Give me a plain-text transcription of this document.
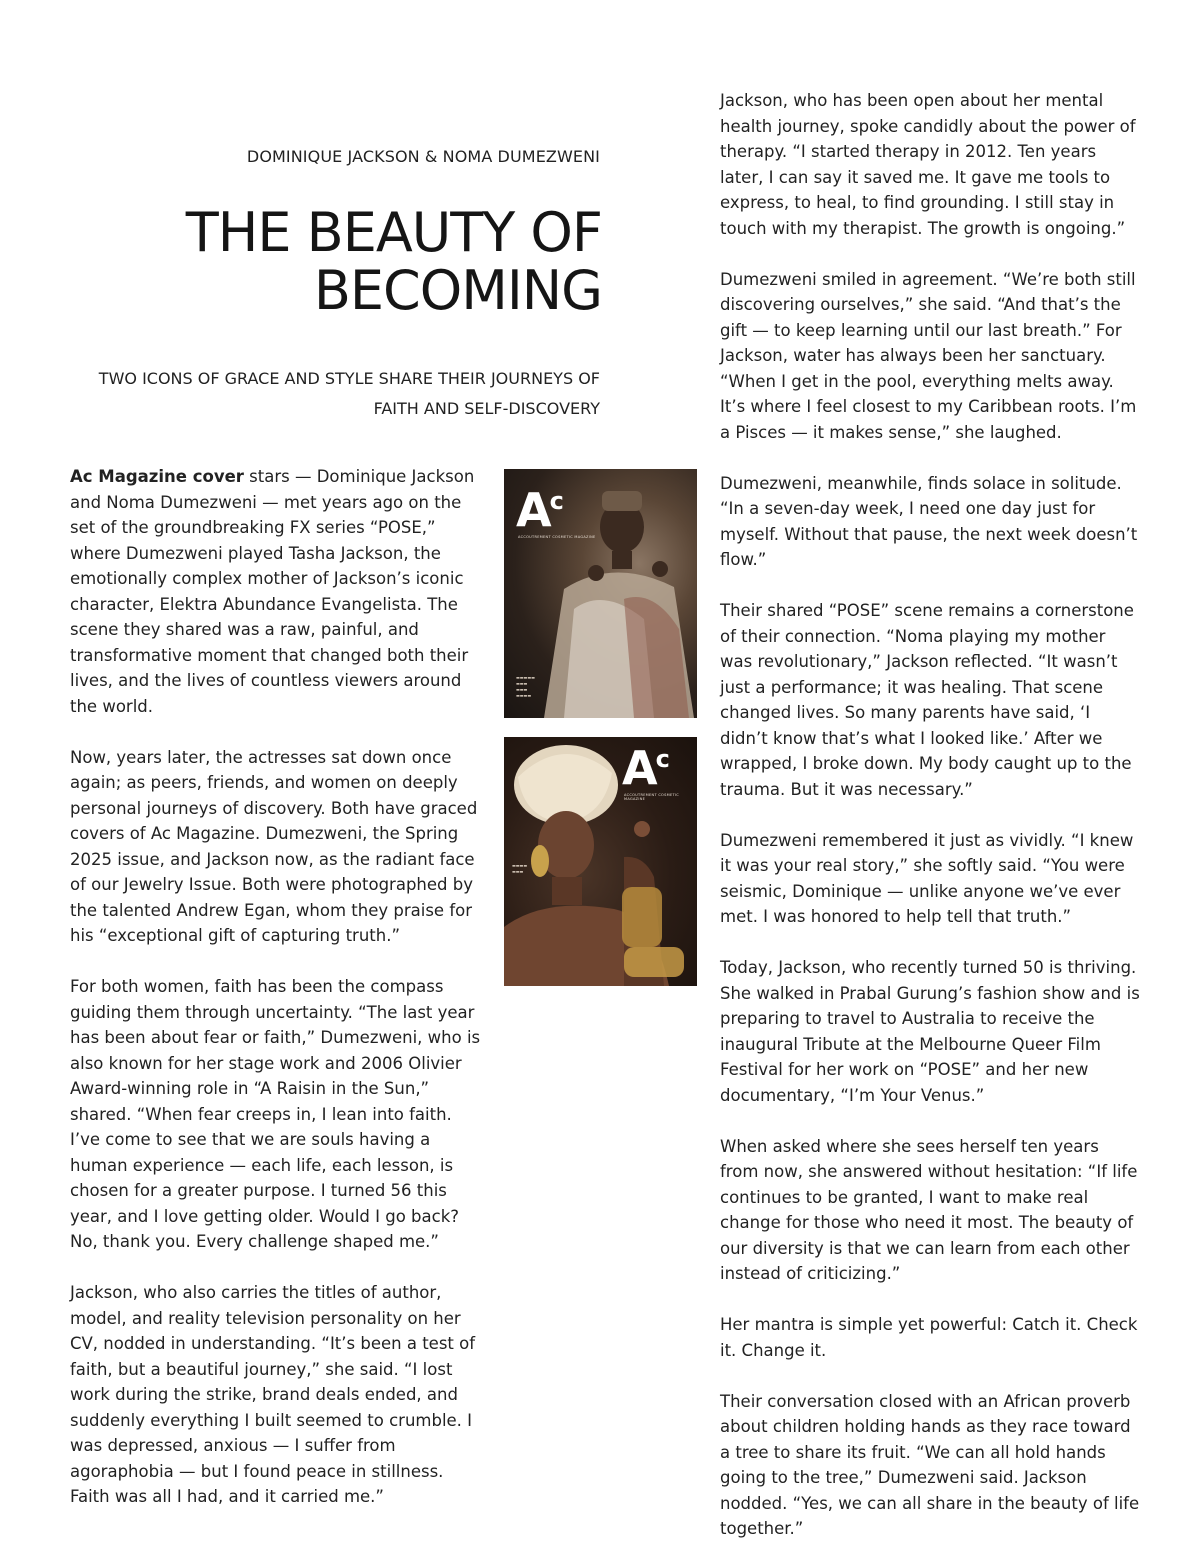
DOMINIQUE JACKSON & NOMA DUMEZWENI

THE BEAUTY OF
BECOMING
TWO ICONS OF GRACE AND STYLE SHARE THEIR JOURNEYS OF
FAITH AND SELF-DISCOVERY

Ac Magazine cover stars — Dominique Jackson and Noma Dumezweni — met years ago on the set of the groundbreaking FX series “POSE,” where Dumezweni played Tasha Jackson, the emotionally complex mother of Jackson’s iconic character, Elektra Abundance Evangelista. The scene they shared was a raw, painful, and transformative moment that changed both their lives, and the lives of countless viewers around the world.

Now, years later, the actresses sat down once again; as peers, friends, and women on deeply personal journeys of discovery. Both have graced covers of Ac Magazine. Dumezweni, the Spring 2025 issue, and Jackson now, as the radiant face of our Jewelry Issue. Both were photographed by the talented Andrew Egan, whom they praise for his “exceptional gift of capturing truth.”

For both women, faith has been the compass guiding them through uncertainty. “The last year has been about fear or faith,” Dumezweni, who is also known for her stage work and 2006 Olivier Award-winning role in “A Raisin in the Sun,” shared. “When fear creeps in, I lean into faith. I’ve come to see that we are souls having a human experience — each life, each lesson, is chosen for a greater purpose. I turned 56 this year, and I love getting older. Would I go back? No, thank you. Every challenge shaped me.”

Jackson, who also carries the titles of author, model, and reality television personality on her CV, nodded in understanding. “It’s been a test of faith, but a beautiful journey,” she said. “I lost work during the strike, brand deals ended, and suddenly everything I built seemed to crumble. I was depressed, anxious — I suffer from agoraphobia — but I found peace in stillness. Faith was all I had, and it carried me.”

Ac
ACCOUTREMENT COSMETIC MAGAZINE
▬▬▬▬▬
▬▬▬
▬▬▬
▬▬▬▬
Ac
ACCOUTREMENT COSMETIC MAGAZINE
▬▬▬▬
▬▬▬

Jackson, who has been open about her mental health journey, spoke candidly about the power of therapy. “I started therapy in 2012. Ten years later, I can say it saved me. It gave me tools to express, to heal, to find grounding. I still stay in touch with my therapist. The growth is ongoing.”

Dumezweni smiled in agreement. “We’re both still discovering ourselves,” she said. “And that’s the gift — to keep learning until our last breath.” For Jackson, water has always been her sanctuary. “When I get in the pool, everything melts away. It’s where I feel closest to my Caribbean roots. I’m a Pisces — it makes sense,” she laughed.

Dumezweni, meanwhile, finds solace in solitude. “In a seven-day week, I need one day just for myself. Without that pause, the next week doesn’t flow.”

Their shared “POSE” scene remains a cornerstone of their connection. “Noma playing my mother was revolutionary,” Jackson reflected. “It wasn’t just a performance; it was healing. That scene changed lives. So many parents have said, ‘I didn’t know that’s what I looked like.’ After we wrapped, I broke down. My body caught up to the trauma. But it was necessary.”

Dumezweni remembered it just as vividly. “I knew it was your real story,” she softly said. “You were seismic, Dominique — unlike anyone we’ve ever met. I was honored to help tell that truth.”

Today, Jackson, who recently turned 50 is thriving. She walked in Prabal Gurung’s fashion show and is preparing to travel to Australia to receive the inaugural Tribute at the Melbourne Queer Film Festival for her work on “POSE” and her new documentary, “I’m Your Venus.”

When asked where she sees herself ten years from now, she answered without hesitation: “If life continues to be granted, I want to make real change for those who need it most. The beauty of our diversity is that we can learn from each other instead of criticizing.”

Her mantra is simple yet powerful: Catch it. Check it. Change it.

Their conversation closed with an African proverb about children holding hands as they race toward a tree to share its fruit. “We can all hold hands going to the tree,” Dumezweni said. Jackson nodded. “Yes, we can all share in the beauty of life together.”
